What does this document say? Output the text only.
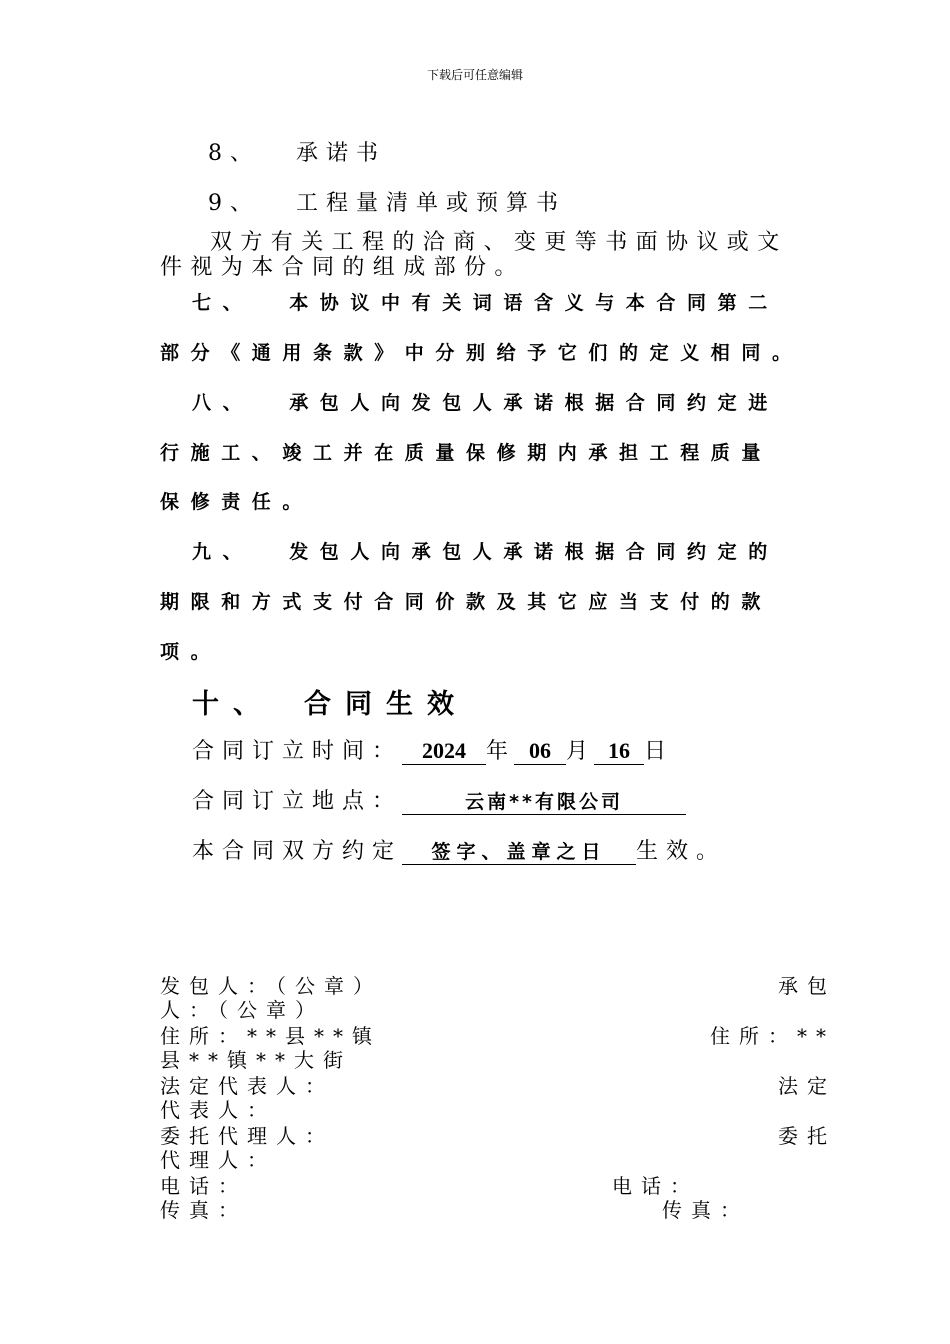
下载后可任意编辑
8、 承诺书
9、 工程量清单或预算书
双方有关工程的洽商、变更等书面协议或文
件视为本合同的组成部份。
七、 本协议中有关词语含义与本合同第二
部分《通用条款》中分别给予它们的定义相同。
八、 承包人向发包人承诺根据合同约定进
行施工、竣工并在质量保修期内承担工程质量
保修责任。
九、 发包人向承包人承诺根据合同约定的
期限和方式支付合同价款及其它应当支付的款
项。
十、 合同生效
合同订立时间： 2024 年 06 月 16 日
合同订立地点：	云南**有限公司
本合同双方约定 签字、盖章之日 生效。
发包人：（公章）	承包
人：（公章）
住所：**县**镇	住所：**
县**镇**大街
法定代表人：	法定
代表人：
委托代理人：	委托
代理人：
电话：	电话：
传真：	传真：
